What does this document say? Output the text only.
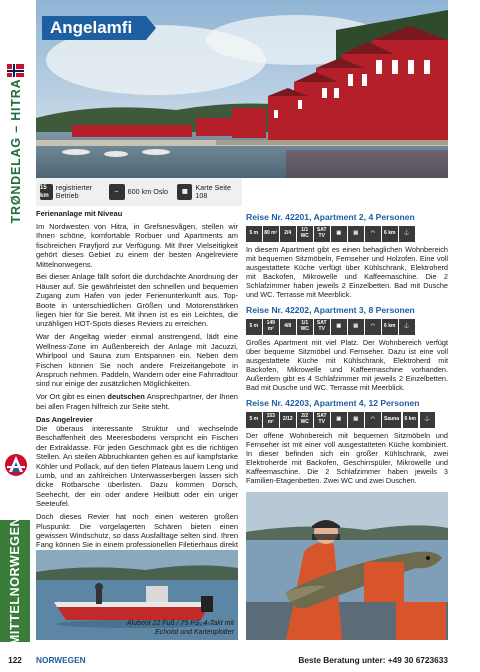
TRØNDELAG – HITRA
MITTELNORWEGEN
Angelamfi
15 km
registrierter Betrieb	⇔	600 km Oslo	▦
Karte Seite 108

Ferienanlage mit Niveau

Im Nordwesten von Hitra, in Grefsnesvågen, stellen wir Ihnen schöne, komfortable Rorbuer und Apartments am fischreichen Frøyfjord zur Verfügung. Mit Ihrer Vielseitigkeit gehört dieses Gebiet zu einem der besten Angelreviere Mittelnorwegens.

Bei dieser Anlage fällt sofort die durchdachte Anordnung der Häuser auf. Sie gewährleistet den schnellen und bequemen Zugang zum Hafen von jeder Ferienunterkunft aus. Top-Boote in unterschiedlichen Größen und Motorenstärken liegen hier für Sie bereit. Mit ihnen ist es ein Leichtes, die unzähligen HOT-Spots dieses Reviers zu erreichen.

War der Angeltag wieder einmal anstrengend, lädt eine Wellness-Zone im Außenbereich der Anlage mit Jacuzzi, Whirlpool und Sauna zum Entspannen ein. Neben dem Fischen können Sie noch andere Freizeitangebote in Anspruch nehmen. Paddeln, Wandern oder eine Fahrradtour sind nur einige der zusätzlichen Möglichkeiten.

Vor Ort gibt es einen deutschen Ansprechpartner, der Ihnen bei allen Fragen hilfreich zur Seite steht.

Das Angelrevier

Die überaus interessante Struktur und wechselnde Beschaffenheit des Meeresbodens verspricht ein Fischen der Extraklasse. Für jeden Geschmack gibt es die richtigen Stellen. An steilen Abbruchkanten gehen es auf kampfstarke Köhler und Pollack, auf den tiefen Plateaus lauern Leng und Lumb, und an zahlreichen Unterwasserbergen lassen sich dicke Rotbarsche überlisten. Dazu kommen Dorsch, Seehecht, der ein oder andere Heilbutt oder ein uriger Seeteufel.

Doch dieses Revier hat noch einen weiteren großen Pluspunkt: Die vorgelagerten Schären bieten einen gewissen Windschutz, so dass Ausfalltage selten sind. Ihren Fang können Sie in einem professionellen Filetierhaus direkt

Aluboot 22 Fuß / 75 PS, 4-Takt mit
Echolot und Kartenplotter
Reise Nr. 42201, Apartment 2, 4 Personen
5 m	80 m²	2/4	1/1 WC
SAT TV	▣	▤	◠	6 km	⚓
In diesem Apartment gibt es einen behaglichen Wohnbereich mit bequemen Sitzmöbeln, Fernseher und Holzofen. Eine voll ausgestattete Küche verfügt über Kühlschrank, Elektroherd mit Backofen, Mikrowelle und Kaffeemaschine. Die 2 Schlafzimmer haben jeweils 2 Einzelbetten. Bad mit Dusche und WC. Terrasse mit Meerblick.
Reise Nr. 42202, Apartment 3, 8 Personen
5 m	149 m²	4/8	1/1 WC
SAT TV	▣	▤	◠	6 km	⚓
Großes Apartment mit viel Platz. Der Wohnbereich verfügt über bequeme Sitzmöbel und Fernseher. Dazu ist eine voll ausgestattete Küche mit Kühlschrank, Elektroherd mit Backofen, Mikrowelle und Kaffeemaschine vorhanden. Außerdem gibt es 4 Schlafzimmer mit jeweils 2 Einzelbetten. Bad mit Dusche und WC. Terrasse mit Meerblick.
Reise Nr. 42203, Apartment 4, 12 Personen
5 m	153 m²	2/12	2/2 WC
SAT TV	▣	▤	◠	Sauna	6 km	⚓
Der offene Wohnbereich mit bequemen Sitzmöbeln und Fernseher ist mit einer voll ausgestatteten Küche kombiniert. In dieser befinden sich ein großer Kühlschrank, zwei Elektroherde mit Backofen, Geschirrspüler, Mikrowelle und Kaffeemaschine. Die 2 Schlafzimmer haben jeweils 3 Familien-Etagenbetten. Zwei WC und zwei Duschen.
122	NORWEGEN	Beste Beratung unter: +49 30 6723633
